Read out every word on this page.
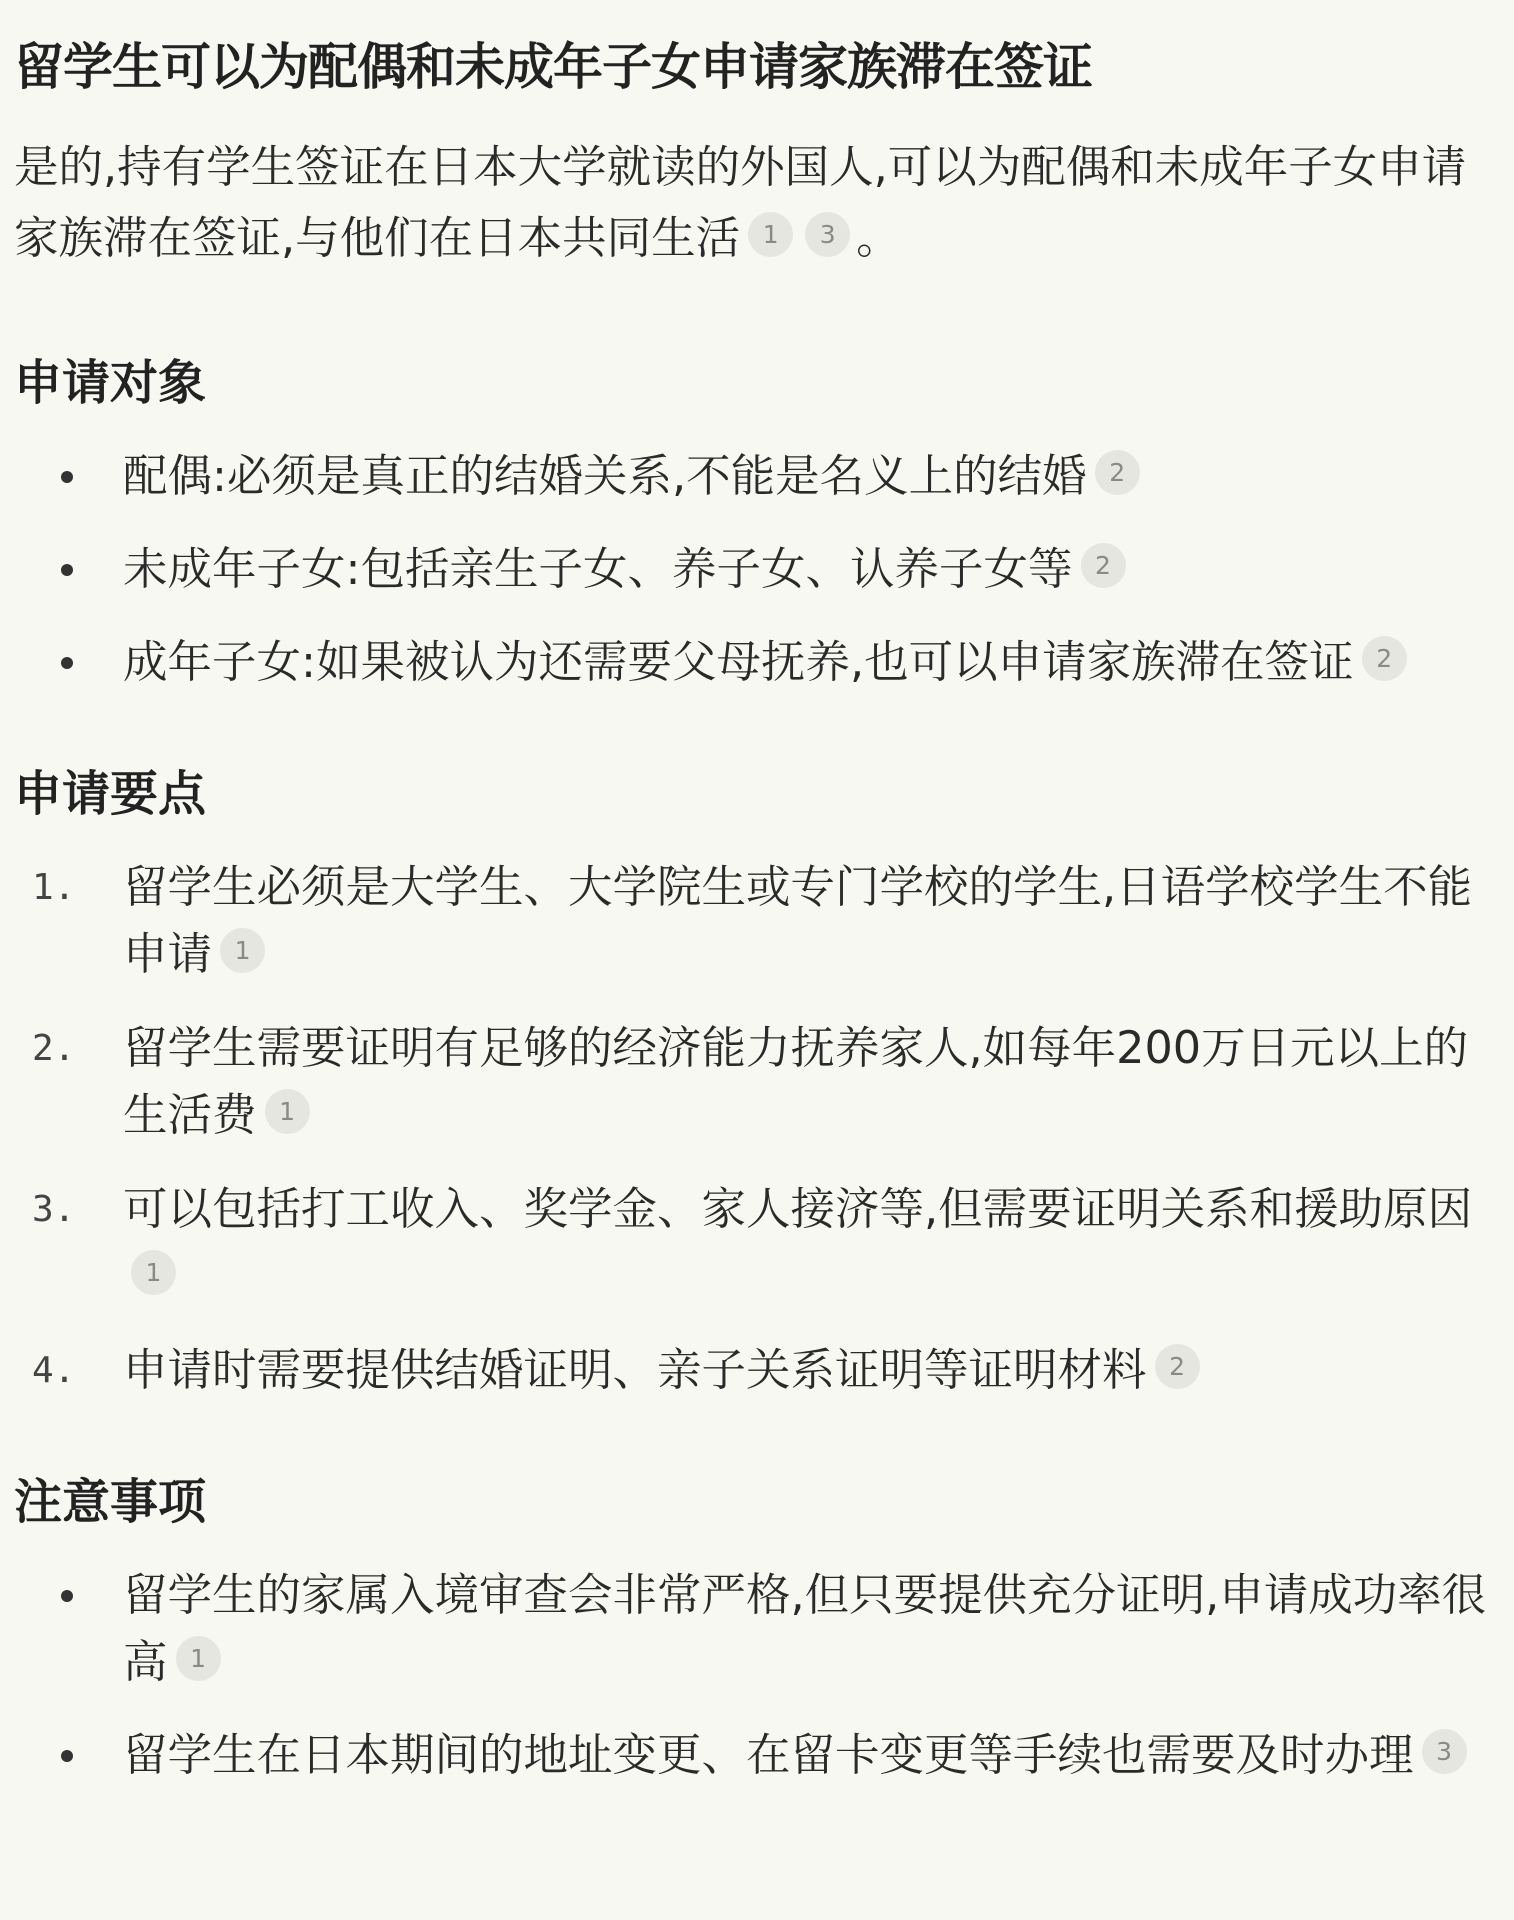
留学生可以为配偶和未成年子女申请家族滞在签证

是的,持有学生签证在日本大学就读的外国人,可以为配偶和未成年子女申请家族滞在签证,与他们在日本共同生活 1 3 。

申请对象
配偶:必须是真正的结婚关系,不能是名义上的结婚 2
未成年子女:包括亲生子女、养子女、认养子女等 2
成年子女:如果被认为还需要父母抚养,也可以申请家族滞在签证 2
申请要点
1. 留学生必须是大学生、大学院生或专门学校的学生,日语学校学生不能申请 1
2. 留学生需要证明有足够的经济能力抚养家人,如每年200万日元以上的生活费 1
3. 可以包括打工收入、奖学金、家人接济等,但需要证明关系和援助原因1
4. 申请时需要提供结婚证明、亲子关系证明等证明材料 2
注意事项
留学生的家属入境审查会非常严格,但只要提供充分证明,申请成功率很高 1
留学生在日本期间的地址变更、在留卡变更等手续也需要及时办理 3
